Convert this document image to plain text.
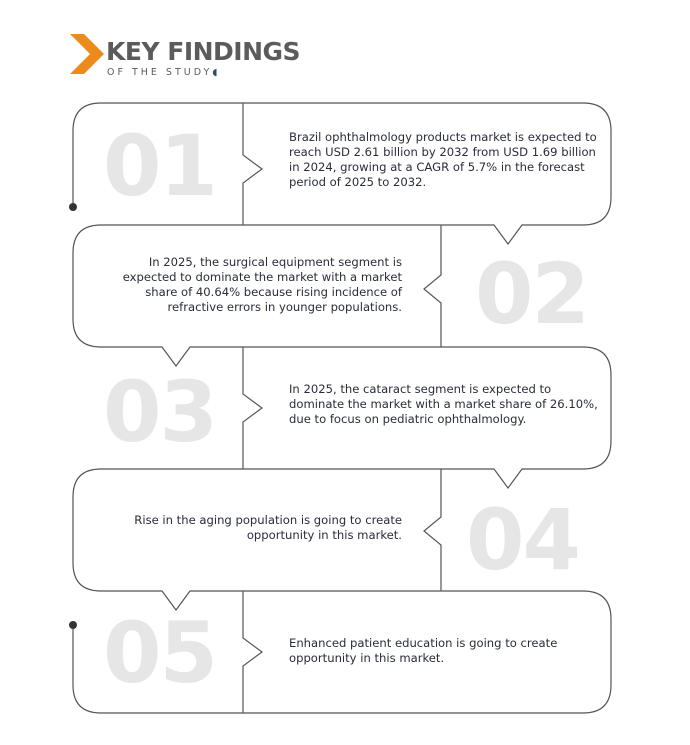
KEY FINDINGS
OF THE STUDY◖
01	Brazil ophthalmology products market is expected to reach USD 2.61 billion by 2032 from USD 1.69 billion in 2024, growing at a CAGR of 5.7% in the forecast period of 2025 to 2032.

02

In 2025, the surgical equipment segment is expected to dominate the market with a market share of 40.64% because rising incidence of refractive errors in younger populations.

03	In 2025, the cataract segment is expected to dominate the market with a market share of 26.10%, due to focus on pediatric ophthalmology.

04

Rise in the aging population is going to create opportunity in this market.

05	Enhanced patient education is going to create opportunity in this market.
